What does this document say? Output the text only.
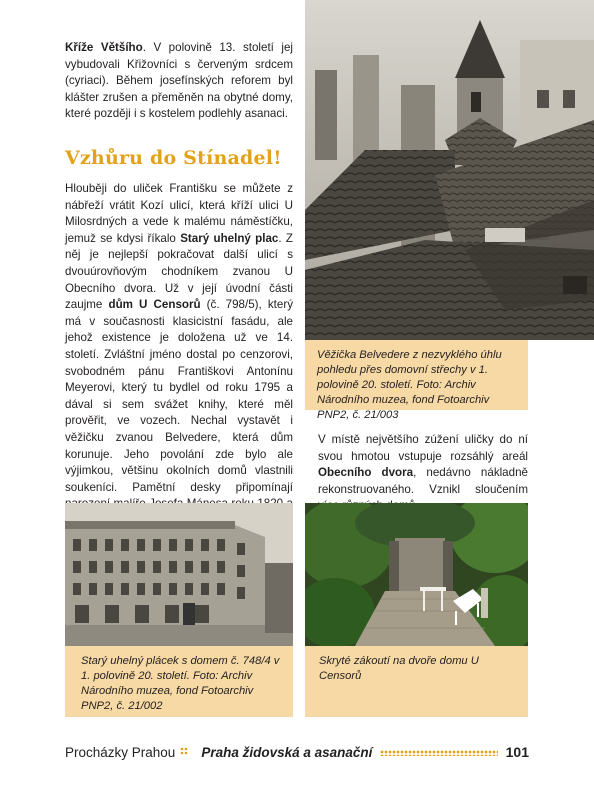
Kříže Většího. V polovině 13. století jej vybudovali Křižovníci s červeným srdcem (cyriaci). Během josefínských reforem byl klášter zrušen a přeměněn na obytné domy, které později i s kostelem podlehly asanaci.

Vzhůru do Stínadel!

Hlouběji do uliček Františku se můžete z nábřeží vrátit Kozí ulicí, která kříží ulici U Milosrdných a vede k malému náměstíčku, jemuž se kdysi říkalo Starý uhelný plac. Z něj je nejlepší pokračovat další ulicí s dvouúrovňovým chodníkem zvanou U Obecního dvora. Už v její úvodní části zaujme dům U Censorů (č. 798/5), který má v současnosti klasicistní fasádu, ale jehož existence je doložena už ve 14. století. Zvláštní jméno dostal po cenzorovi, svobodném pánu Františkovi Antonínu Meyerovi, který tu bydlel od roku 1795 a dával si sem svážet knihy, které měl prověřit, ve vozech. Nechal vystavět i věžičku zvanou Belvedere, která dům korunuje. Jeho povolání zde bylo ale výjimkou, většinu okolních domů vlastnili soukeníci. Pamětní desky připomínají

Věžička Belvedere z nezvyklého úhlu pohledu přes domovní střechy v 1. polovině 20. století. Foto: Archiv Národního muzea, fond Fotoarchiv PNP2, č. 21/003

V místě největšího zúžení uličky do ní svou hmotou vstupuje rozsáhlý areál Obecního dvora, nedávno nákladně rekonstruovaného. Vznikl sloučením

Starý uhelný plácek s domem č. 748/4 v 1. polovině 20. století. Foto: Archiv Národního muzea, fond Fotoarchiv PNP2, č. 21/002
Skryté zákoutí na dvoře domu U Censorů
Procházky Prahou Praha židovská a asanační	101
